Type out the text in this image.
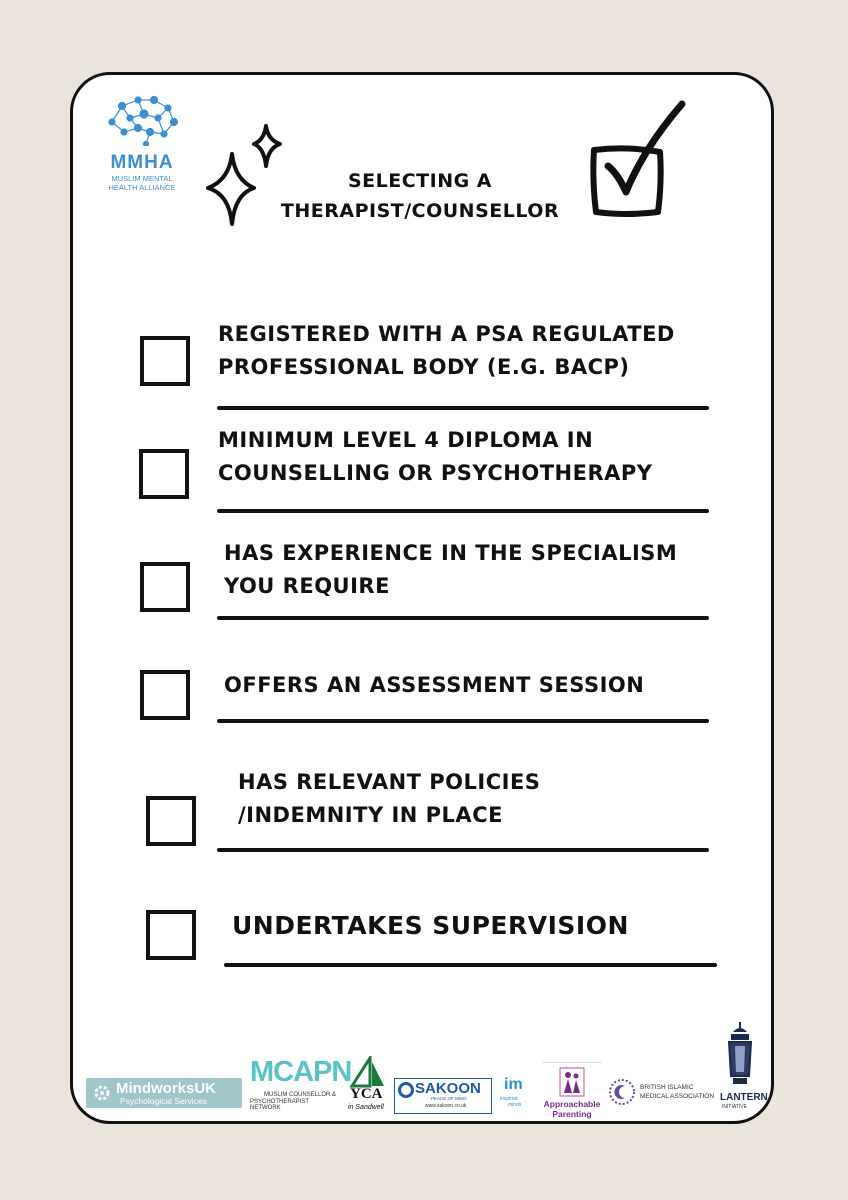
MMHA
MUSLIM MENTAL
HEALTH ALLIANCE	SELECTING A
THERAPIST/COUNSELLOR
REGISTERED WITH A PSA REGULATED
PROFESSIONAL BODY (E.G. BACP)
MINIMUM LEVEL 4 DIPLOMA IN
COUNSELLING OR PSYCHOTHERAPY
HAS EXPERIENCE IN THE SPECIALISM
YOU REQUIRE
OFFERS AN ASSESSMENT SESSION
HAS RELEVANT POLICIES
/INDEMNITY IN PLACE
UNDERTAKES SUPERVISION
MindworksUK
Psychological Services
MCAPN
MUSLIM COUNSELLOR &
PSYCHOTHERAPIST NETWORK
YCA
in Sandwell
SAKOON
PEACE OF MIND
www.sakoon.co.uk
im
inspired
minds	Approachable
Parenting
BRITISH ISLAMIC
MEDICAL ASSOCIATION LANTERN
INITIATIVE
